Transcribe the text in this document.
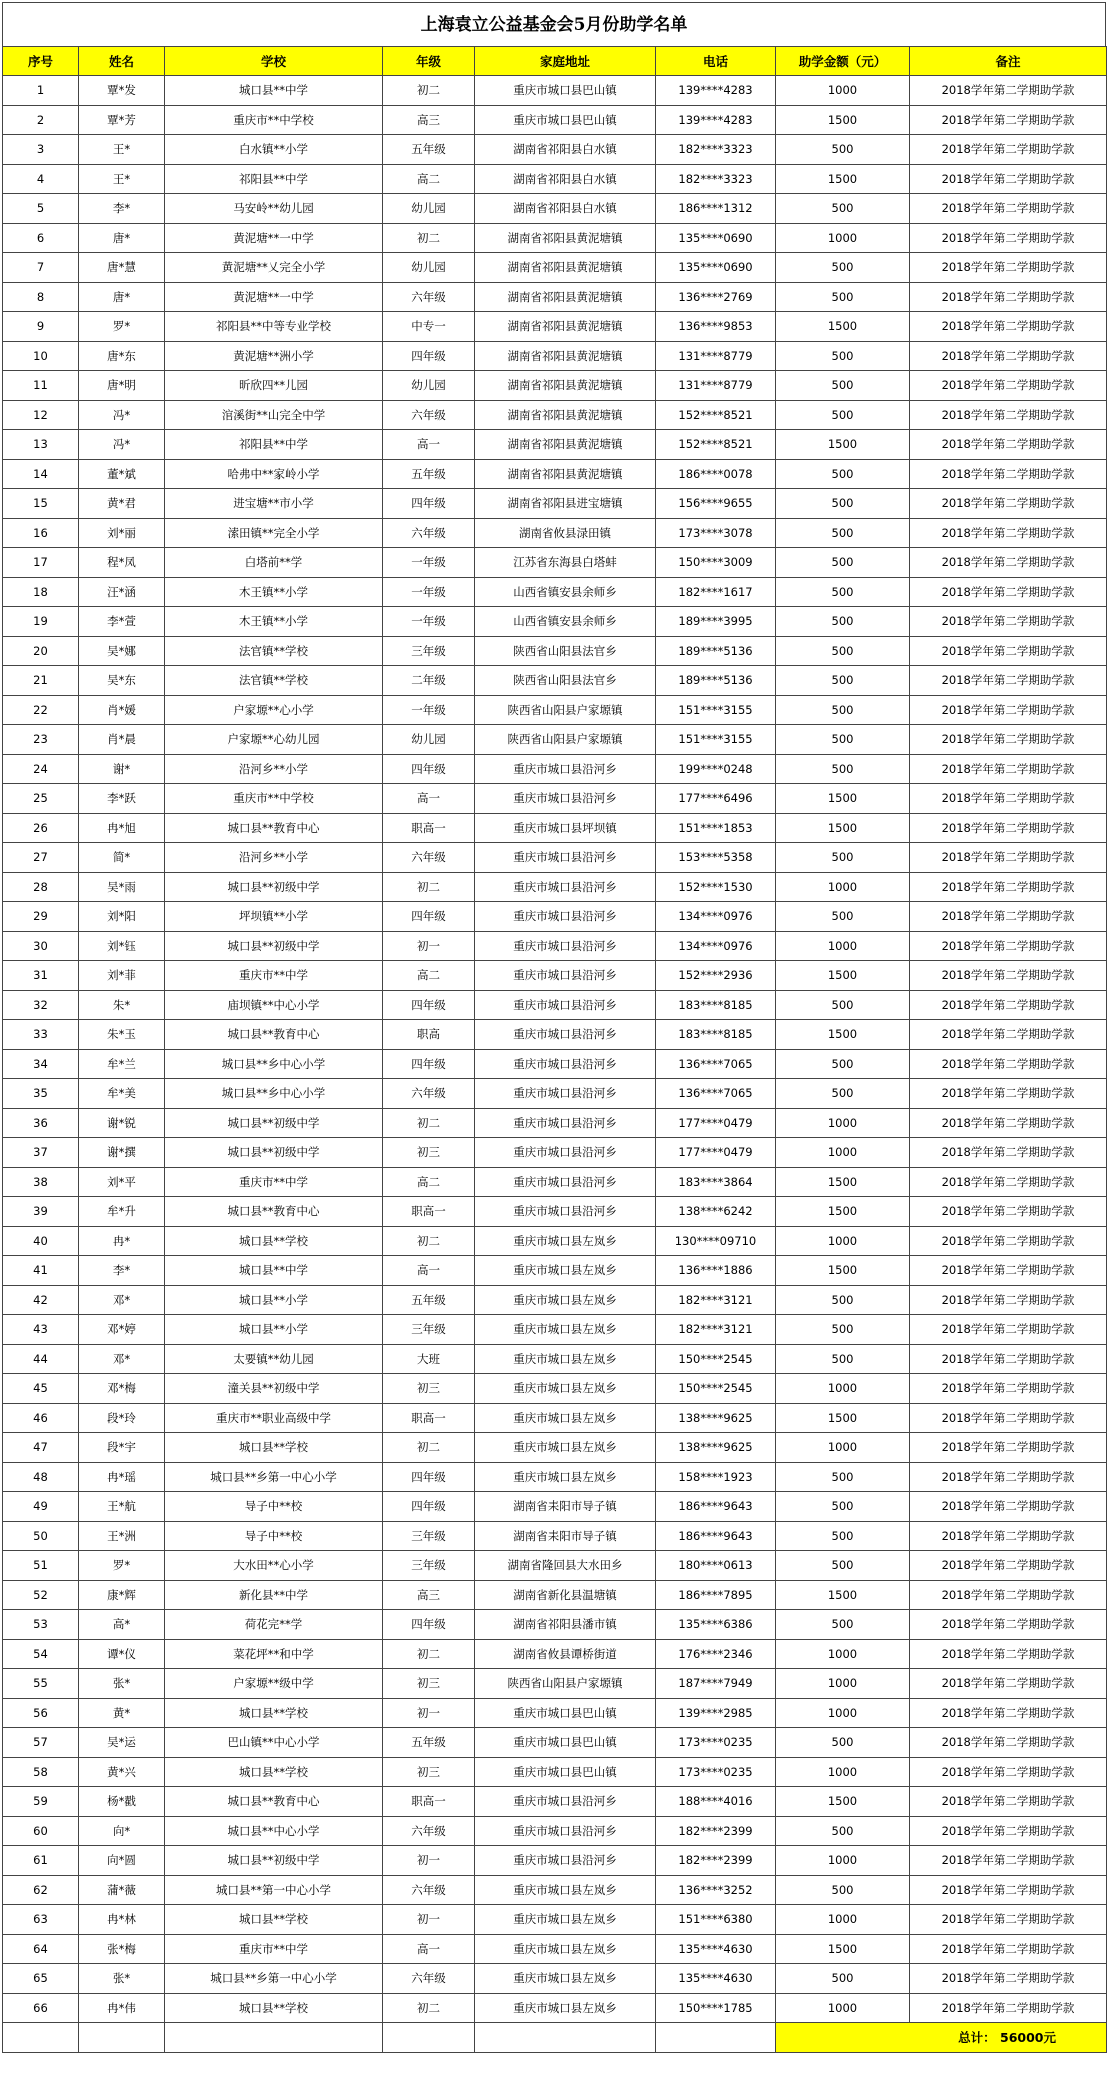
上海袁立公益基金会5月份助学名单
序号	姓名	学校	年级	家庭地址	电话	助学金额（元）	备注
1	覃*发	城口县**中学	初二	重庆市城口县巴山镇	139****4283	1000	2018学年第二学期助学款
2	覃*芳	重庆市**中学校	高三	重庆市城口县巴山镇	139****4283	1500	2018学年第二学期助学款
3	王*	白水镇**小学	五年级	湖南省祁阳县白水镇	182****3323	500	2018学年第二学期助学款
4	王*	祁阳县**中学	高二	湖南省祁阳县白水镇	182****3323	1500	2018学年第二学期助学款
5	李*	马安岭**幼儿园	幼儿园	湖南省祁阳县白水镇	186****1312	500	2018学年第二学期助学款
6	唐*	黄泥塘**一中学	初二	湖南省祁阳县黄泥塘镇	135****0690	1000	2018学年第二学期助学款
7	唐*慧	黄泥塘**乂完全小学	幼儿园	湖南省祁阳县黄泥塘镇	135****0690	500	2018学年第二学期助学款
8	唐*	黄泥塘**一中学	六年级	湖南省祁阳县黄泥塘镇	136****2769	500	2018学年第二学期助学款
9	罗*	祁阳县**中等专业学校	中专一	湖南省祁阳县黄泥塘镇	136****9853	1500	2018学年第二学期助学款
10	唐*东	黄泥塘**洲小学	四年级	湖南省祁阳县黄泥塘镇	131****8779	500	2018学年第二学期助学款
11	唐*明	昕欣四**儿园	幼儿园	湖南省祁阳县黄泥塘镇	131****8779	500	2018学年第二学期助学款
12	冯*	涫溪街**山完全中学	六年级	湖南省祁阳县黄泥塘镇	152****8521	500	2018学年第二学期助学款
13	冯*	祁阳县**中学	高一	湖南省祁阳县黄泥塘镇	152****8521	1500	2018学年第二学期助学款
14	董*斌	哈弗中**家岭小学	五年级	湖南省祁阳县黄泥塘镇	186****0078	500	2018学年第二学期助学款
15	黄*君	进宝塘**市小学	四年级	湖南省祁阳县进宝塘镇	156****9655	500	2018学年第二学期助学款
16	刘*丽	溹田镇**完全小学	六年级	湖南省攸县渌田镇	173****3078	500	2018学年第二学期助学款
17	程*凤	白塔前**学	一年级	江苏省东海县白塔蚌	150****3009	500	2018学年第二学期助学款
18	汪*涵	木王镇**小学	一年级	山西省镇安县余师乡	182****1617	500	2018学年第二学期助学款
19	李*萱	木王镇**小学	一年级	山西省镇安县余师乡	189****3995	500	2018学年第二学期助学款
20	吴*娜	法官镇**学校	三年级	陕西省山阳县法官乡	189****5136	500	2018学年第二学期助学款
21	吴*东	法官镇**学校	二年级	陕西省山阳县法官乡	189****5136	500	2018学年第二学期助学款
22	肖*媛	户家塬**心小学	一年级	陕西省山阳县户家塬镇	151****3155	500	2018学年第二学期助学款
23	肖*晨	户家塬**心幼儿园	幼儿园	陕西省山阳县户家塬镇	151****3155	500	2018学年第二学期助学款
24	谢*	沿河乡**小学	四年级	重庆市城口县沿河乡	199****0248	500	2018学年第二学期助学款
25	李*跃	重庆市**中学校	高一	重庆市城口县沿河乡	177****6496	1500	2018学年第二学期助学款
26	冉*旭	城口县**教育中心	职高一	重庆市城口县坪坝镇	151****1853	1500	2018学年第二学期助学款
27	简*	沿河乡**小学	六年级	重庆市城口县沿河乡	153****5358	500	2018学年第二学期助学款
28	吴*雨	城口县**初级中学	初二	重庆市城口县沿河乡	152****1530	1000	2018学年第二学期助学款
29	刘*阳	坪坝镇**小学	四年级	重庆市城口县沿河乡	134****0976	500	2018学年第二学期助学款
30	刘*钰	城口县**初级中学	初一	重庆市城口县沿河乡	134****0976	1000	2018学年第二学期助学款
31	刘*菲	重庆市**中学	高二	重庆市城口县沿河乡	152****2936	1500	2018学年第二学期助学款
32	朱*	庙坝镇**中心小学	四年级	重庆市城口县沿河乡	183****8185	500	2018学年第二学期助学款
33	朱*玉	城口县**教育中心	职高	重庆市城口县沿河乡	183****8185	1500	2018学年第二学期助学款
34	牟*兰	城口县**乡中心小学	四年级	重庆市城口县沿河乡	136****7065	500	2018学年第二学期助学款
35	牟*美	城口县**乡中心小学	六年级	重庆市城口县沿河乡	136****7065	500	2018学年第二学期助学款
36	谢*锐	城口县**初级中学	初二	重庆市城口县沿河乡	177****0479	1000	2018学年第二学期助学款
37	谢*撰	城口县**初级中学	初三	重庆市城口县沿河乡	177****0479	1000	2018学年第二学期助学款
38	刘*平	重庆市**中学	高二	重庆市城口县沿河乡	183****3864	1500	2018学年第二学期助学款
39	牟*升	城口县**教育中心	职高一	重庆市城口县沿河乡	138****6242	1500	2018学年第二学期助学款
40	冉*	城口县**学校	初二	重庆市城口县左岚乡	130****09710	1000	2018学年第二学期助学款
41	李*	城口县**中学	高一	重庆市城口县左岚乡	136****1886	1500	2018学年第二学期助学款
42	邓*	城口县**小学	五年级	重庆市城口县左岚乡	182****3121	500	2018学年第二学期助学款
43	邓*婷	城口县**小学	三年级	重庆市城口县左岚乡	182****3121	500	2018学年第二学期助学款
44	邓*	太要镇**幼儿园	大班	重庆市城口县左岚乡	150****2545	500	2018学年第二学期助学款
45	邓*梅	潼关县**初级中学	初三	重庆市城口县左岚乡	150****2545	1000	2018学年第二学期助学款
46	段*玲	重庆市**职业高级中学	职高一	重庆市城口县左岚乡	138****9625	1500	2018学年第二学期助学款
47	段*宇	城口县**学校	初二	重庆市城口县左岚乡	138****9625	1000	2018学年第二学期助学款
48	冉*瑶	城口县**乡第一中心小学	四年级	重庆市城口县左岚乡	158****1923	500	2018学年第二学期助学款
49	王*航	导子中**校	四年级	湖南省耒阳市导子镇	186****9643	500	2018学年第二学期助学款
50	王*洲	导子中**校	三年级	湖南省耒阳市导子镇	186****9643	500	2018学年第二学期助学款
51	罗*	大水田**心小学	三年级	湖南省隆回县大水田乡	180****0613	500	2018学年第二学期助学款
52	康*辉	新化县**中学	高三	湖南省新化县温塘镇	186****7895	1500	2018学年第二学期助学款
53	高*	荷花完**学	四年级	湖南省祁阳县潘市镇	135****6386	500	2018学年第二学期助学款
54	谭*仪	菜花坪**和中学	初二	湖南省攸县谭桥街道	176****2346	1000	2018学年第二学期助学款
55	张*	户家塬**级中学	初三	陕西省山阳县户家塬镇	187****7949	1000	2018学年第二学期助学款
56	黄*	城口县**学校	初一	重庆市城口县巴山镇	139****2985	1000	2018学年第二学期助学款
57	吴*运	巴山镇**中心小学	五年级	重庆市城口县巴山镇	173****0235	500	2018学年第二学期助学款
58	黄*兴	城口县**学校	初三	重庆市城口县巴山镇	173****0235	1000	2018学年第二学期助学款
59	杨*戳	城口县**教育中心	职高一	重庆市城口县沿河乡	188****4016	1500	2018学年第二学期助学款
60	向*	城口县**中心小学	六年级	重庆市城口县沿河乡	182****2399	500	2018学年第二学期助学款
61	向*圆	城口县**初级中学	初一	重庆市城口县沿河乡	182****2399	1000	2018学年第二学期助学款
62	蒲*薇	城口县**第一中心小学	六年级	重庆市城口县左岚乡	136****3252	500	2018学年第二学期助学款
63	冉*林	城口县**学校	初一	重庆市城口县左岚乡	151****6380	1000	2018学年第二学期助学款
64	张*梅	重庆市**中学	高一	重庆市城口县左岚乡	135****4630	1500	2018学年第二学期助学款
65	张*	城口县**乡第一中心小学	六年级	重庆市城口县左岚乡	135****4630	500	2018学年第二学期助学款
66	冉*伟	城口县**学校	初二	重庆市城口县左岚乡	150****1785	1000	2018学年第二学期助学款
						总计： 56000元	
